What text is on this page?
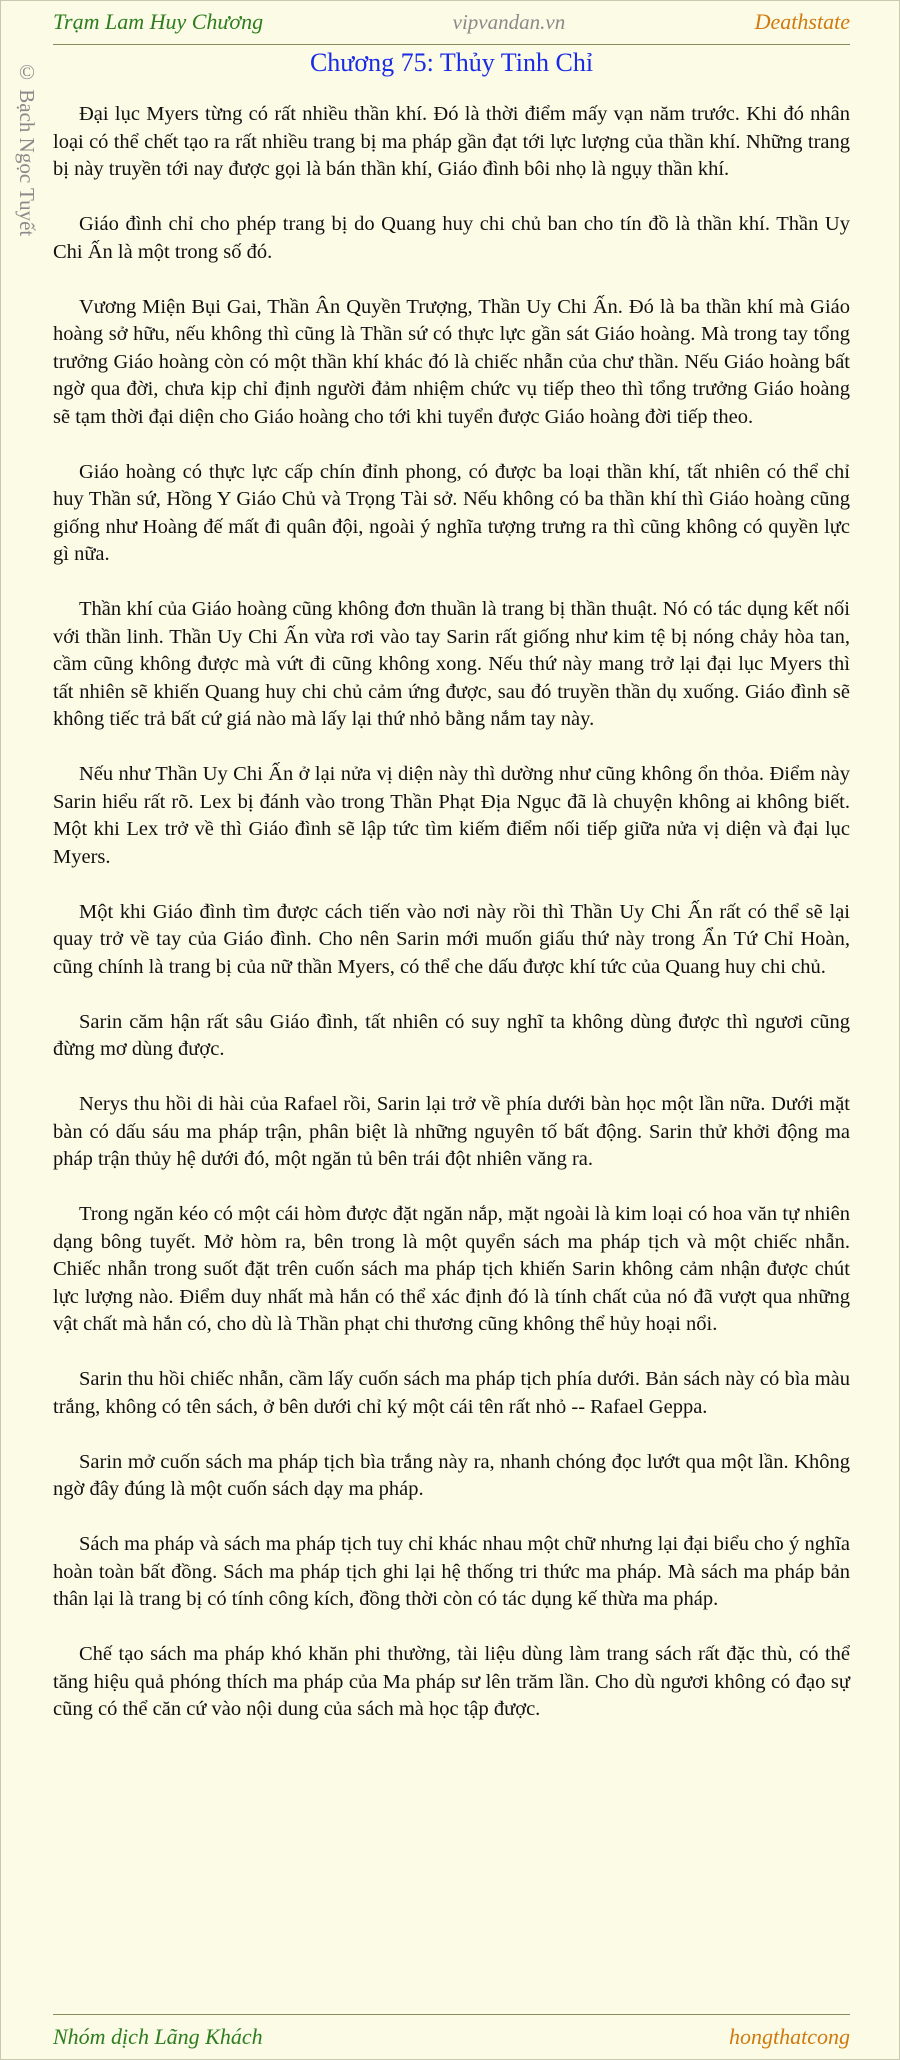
Trạm Lam Huy Chương	vipvandan.vn	Deathstate
© Bạch Ngọc Tuyết	Chương 75: Thủy Tinh Chỉ

Đại lục Myers từng có rất nhiều thần khí. Đó là thời điểm mấy vạn năm trước. Khi đó nhân loại có thể chết tạo ra rất nhiều trang bị ma pháp gần đạt tới lực lượng của thần khí. Những trang bị này truyền tới nay được gọi là bán thần khí, Giáo đình bôi nhọ là ngụy thần khí.

Giáo đình chỉ cho phép trang bị do Quang huy chi chủ ban cho tín đồ là thần khí. Thần Uy Chi Ấn là một trong số đó.

Vương Miện Bụi Gai, Thần Ân Quyền Trượng, Thần Uy Chi Ấn. Đó là ba thần khí mà Giáo hoàng sở hữu, nếu không thì cũng là Thần sứ có thực lực gần sát Giáo hoàng. Mà trong tay tổng trưởng Giáo hoàng còn có một thần khí khác đó là chiếc nhẫn của chư thần. Nếu Giáo hoàng bất ngờ qua đời, chưa kịp chỉ định người đảm nhiệm chức vụ tiếp theo thì tổng trưởng Giáo hoàng sẽ tạm thời đại diện cho Giáo hoàng cho tới khi tuyển được Giáo hoàng đời tiếp theo.

Giáo hoàng có thực lực cấp chín đỉnh phong, có được ba loại thần khí, tất nhiên có thể chỉ huy Thần sứ, Hồng Y Giáo Chủ và Trọng Tài sở. Nếu không có ba thần khí thì Giáo hoàng cũng giống như Hoàng đế mất đi quân đội, ngoài ý nghĩa tượng trưng ra thì cũng không có quyền lực gì nữa.

Thần khí của Giáo hoàng cũng không đơn thuần là trang bị thần thuật. Nó có tác dụng kết nối với thần linh. Thần Uy Chi Ấn vừa rơi vào tay Sarin rất giống như kim tệ bị nóng chảy hòa tan, cầm cũng không được mà vứt đi cũng không xong. Nếu thứ này mang trở lại đại lục Myers thì tất nhiên sẽ khiến Quang huy chi chủ cảm ứng được, sau đó truyền thần dụ xuống. Giáo đình sẽ không tiếc trả bất cứ giá nào mà lấy lại thứ nhỏ bằng nắm tay này.

Nếu như Thần Uy Chi Ấn ở lại nửa vị diện này thì dường như cũng không ổn thỏa. Điểm này Sarin hiểu rất rõ. Lex bị đánh vào trong Thần Phạt Địa Ngục đã là chuyện không ai không biết. Một khi Lex trở về thì Giáo đình sẽ lập tức tìm kiếm điểm nối tiếp giữa nửa vị diện và đại lục Myers.

Một khi Giáo đình tìm được cách tiến vào nơi này rồi thì Thần Uy Chi Ấn rất có thể sẽ lại quay trở về tay của Giáo đình. Cho nên Sarin mới muốn giấu thứ này trong Ẩn Tứ Chỉ Hoàn, cũng chính là trang bị của nữ thần Myers, có thể che dấu được khí tức của Quang huy chi chủ.

Sarin căm hận rất sâu Giáo đình, tất nhiên có suy nghĩ ta không dùng được thì ngươi cũng đừng mơ dùng được.

Nerys thu hồi di hài của Rafael rồi, Sarin lại trở về phía dưới bàn học một lần nữa. Dưới mặt bàn có dấu sáu ma pháp trận, phân biệt là những nguyên tố bất động. Sarin thử khởi động ma pháp trận thủy hệ dưới đó, một ngăn tủ bên trái đột nhiên văng ra.

Trong ngăn kéo có một cái hòm được đặt ngăn nắp, mặt ngoài là kim loại có hoa văn tự nhiên dạng bông tuyết. Mở hòm ra, bên trong là một quyển sách ma pháp tịch và một chiếc nhẫn. Chiếc nhẫn trong suốt đặt trên cuốn sách ma pháp tịch khiến Sarin không cảm nhận được chút lực lượng nào. Điểm duy nhất mà hắn có thể xác định đó là tính chất của nó đã vượt qua những vật chất mà hắn có, cho dù là Thần phạt chi thương cũng không thể hủy hoại nổi.

Sarin thu hồi chiếc nhẫn, cầm lấy cuốn sách ma pháp tịch phía dưới. Bản sách này có bìa màu trắng, không có tên sách, ở bên dưới chỉ ký một cái tên rất nhỏ -- Rafael Geppa.

Sarin mở cuốn sách ma pháp tịch bìa trắng này ra, nhanh chóng đọc lướt qua một lần. Không ngờ đây đúng là một cuốn sách dạy ma pháp.

Sách ma pháp và sách ma pháp tịch tuy chỉ khác nhau một chữ nhưng lại đại biểu cho ý nghĩa hoàn toàn bất đồng. Sách ma pháp tịch ghi lại hệ thống tri thức ma pháp. Mà sách ma pháp bản thân lại là trang bị có tính công kích, đồng thời còn có tác dụng kế thừa ma pháp.

Chế tạo sách ma pháp khó khăn phi thường, tài liệu dùng làm trang sách rất đặc thù, có thể tăng hiệu quả phóng thích ma pháp của Ma pháp sư lên trăm lần. Cho dù ngươi không có đạo sự cũng có thể căn cứ vào nội dung của sách mà học tập được.

Nhóm dịch Lãng Khách	hongthatcong
